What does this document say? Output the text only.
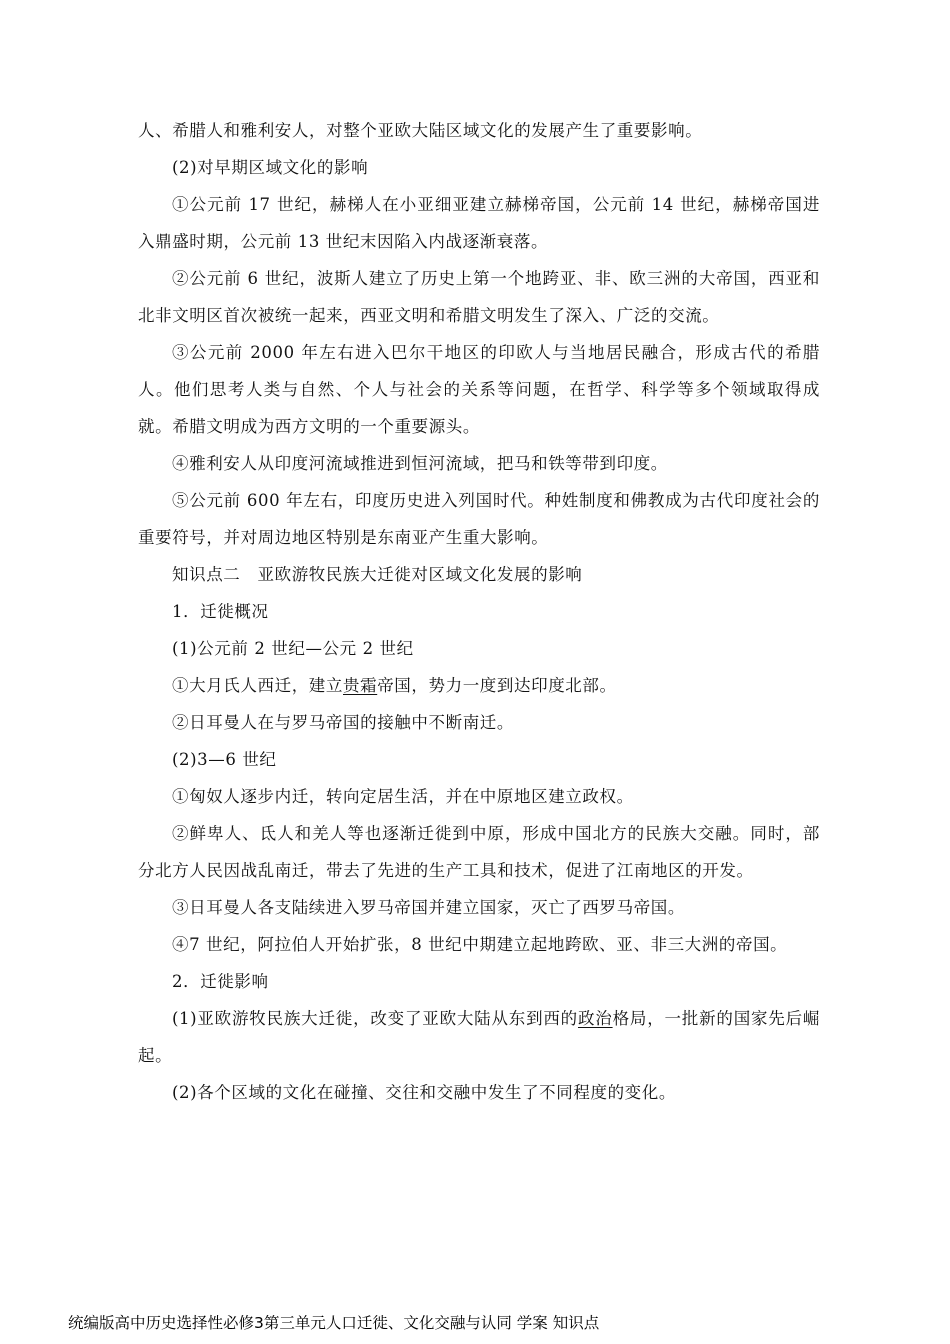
人、希腊人和雅利安人，对整个亚欧大陆区域文化的发展产生了重要影响。

(2)对早期区域文化的影响

①公元前 17 世纪，赫梯人在小亚细亚建立赫梯帝国，公元前 14 世纪，赫梯帝国进入鼎盛时期，公元前 13 世纪末因陷入内战逐渐衰落。

②公元前 6 世纪，波斯人建立了历史上第一个地跨亚、非、欧三洲的大帝国，西亚和北非文明区首次被统一起来，西亚文明和希腊文明发生了深入、广泛的交流。

③公元前 2000 年左右进入巴尔干地区的印欧人与当地居民融合，形成古代的希腊人。他们思考人类与自然、个人与社会的关系等问题，在哲学、科学等多个领域取得成就。希腊文明成为西方文明的一个重要源头。

④雅利安人从印度河流域推进到恒河流域，把马和铁等带到印度。

⑤公元前 600 年左右，印度历史进入列国时代。种姓制度和佛教成为古代印度社会的重要符号，并对周边地区特别是东南亚产生重大影响。

知识点二　亚欧游牧民族大迁徙对区域文化发展的影响

1．迁徙概况

(1)公元前 2 世纪—公元 2 世纪

①大月氏人西迁，建立贵霜帝国，势力一度到达印度北部。

②日耳曼人在与罗马帝国的接触中不断南迁。

(2)3—6 世纪

①匈奴人逐步内迁，转向定居生活，并在中原地区建立政权。

②鲜卑人、氐人和羌人等也逐渐迁徙到中原，形成中国北方的民族大交融。同时，部分北方人民因战乱南迁，带去了先进的生产工具和技术，促进了江南地区的开发。

③日耳曼人各支陆续进入罗马帝国并建立国家，灭亡了西罗马帝国。

④7 世纪，阿拉伯人开始扩张，8 世纪中期建立起地跨欧、亚、非三大洲的帝国。

2．迁徙影响

(1)亚欧游牧民族大迁徙，改变了亚欧大陆从东到西的政治格局，一批新的国家先后崛起。

(2)各个区域的文化在碰撞、交往和交融中发生了不同程度的变化。

统编版高中历史选择性必修3第三单元人口迁徙、文化交融与认同 学案 知识点
